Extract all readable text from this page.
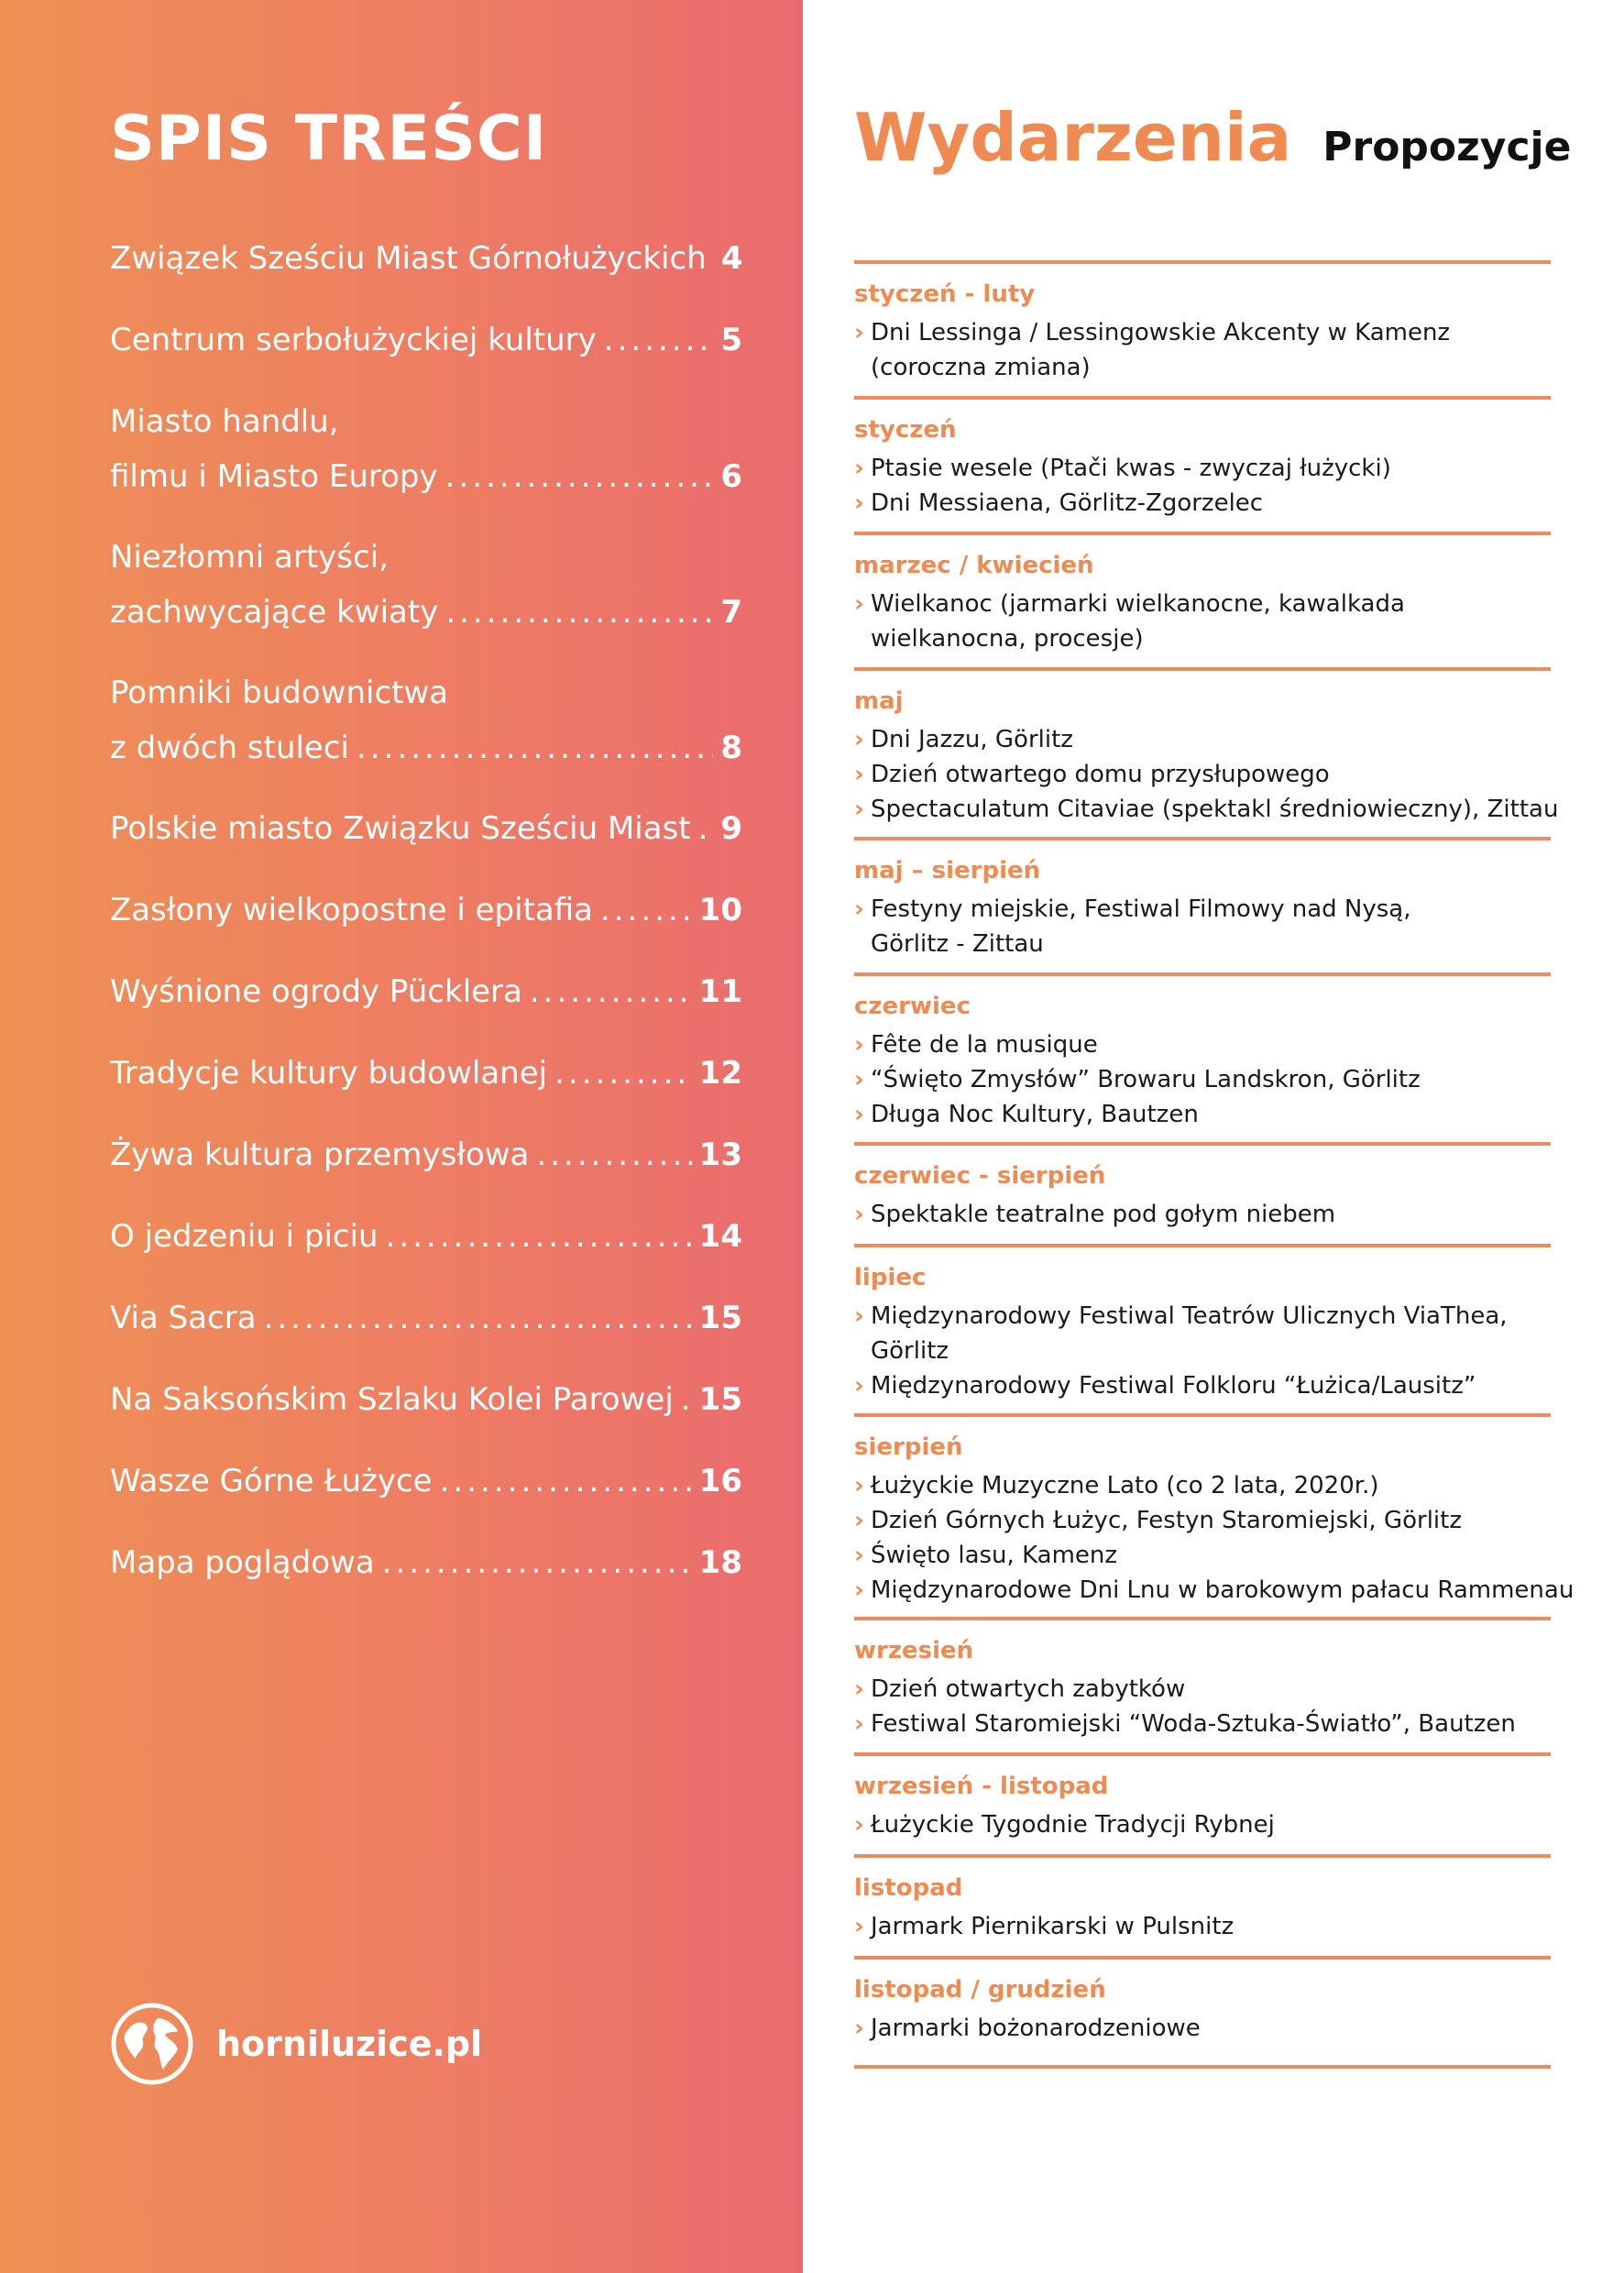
SPIS TREŚCI
Związek Sześciu Miast Górnołużyckich 4
Centrum serbołużyckiej kultury .....	5
Miasto handlu,
filmu i Miasto Europy .....	6
Niezłomni artyści,
zachwycające kwiaty .....	7
Pomniki budownictwa
z dwóch stuleci .....	8
Polskie miasto Związku Sześciu Miast ..... 9
Zasłony wielkopostne i epitafia .....	10
Wyśnione ogrody Pücklera .....	11
Tradycje kultury budowlanej .....	12
Żywa kultura przemysłowa .....	13
O jedzeniu i piciu .....	14
Via Sacra .....	15
Na Saksońskim Szlaku Kolei Parowej ..... 15
Wasze Górne Łużyce .....	16
Mapa poglądowa .....	18
horniluzice.pl
Wydarzenia Propozycje
styczeń - luty
› Dni Lessinga / Lessingowskie Akcenty w Kamenz
(coroczna zmiana)
styczeń
› Ptasie wesele (Ptači kwas - zwyczaj łużycki)
› Dni Messiaena, Görlitz-Zgorzelec
marzec / kwiecień
› Wielkanoc (jarmarki wielkanocne, kawalkada
wielkanocna, procesje)
maj
› Dni Jazzu, Görlitz
› Dzień otwartego domu przysłupowego
› Spectaculatum Citaviae (spektakl średniowieczny), Zittau
maj – sierpień
› Festyny miejskie, Festiwal Filmowy nad Nysą,
Görlitz - Zittau
czerwiec
› Fête de la musique
› “Święto Zmysłów” Browaru Landskron, Görlitz
› Długa Noc Kultury, Bautzen
czerwiec - sierpień
› Spektakle teatralne pod gołym niebem
lipiec
› Międzynarodowy Festiwal Teatrów Ulicznych ViaThea,
Görlitz
› Międzynarodowy Festiwal Folkloru “Łużica/Lausitz”
sierpień
› Łużyckie Muzyczne Lato (co 2 lata, 2020r.)
› Dzień Górnych Łużyc, Festyn Staromiejski, Görlitz
› Święto lasu, Kamenz
› Międzynarodowe Dni Lnu w barokowym pałacu Rammenau
wrzesień
› Dzień otwartych zabytków
› Festiwal Staromiejski “Woda-Sztuka-Światło”, Bautzen
wrzesień - listopad
› Łużyckie Tygodnie Tradycji Rybnej
listopad
› Jarmark Piernikarski w Pulsnitz
listopad / grudzień
› Jarmarki bożonarodzeniowe
